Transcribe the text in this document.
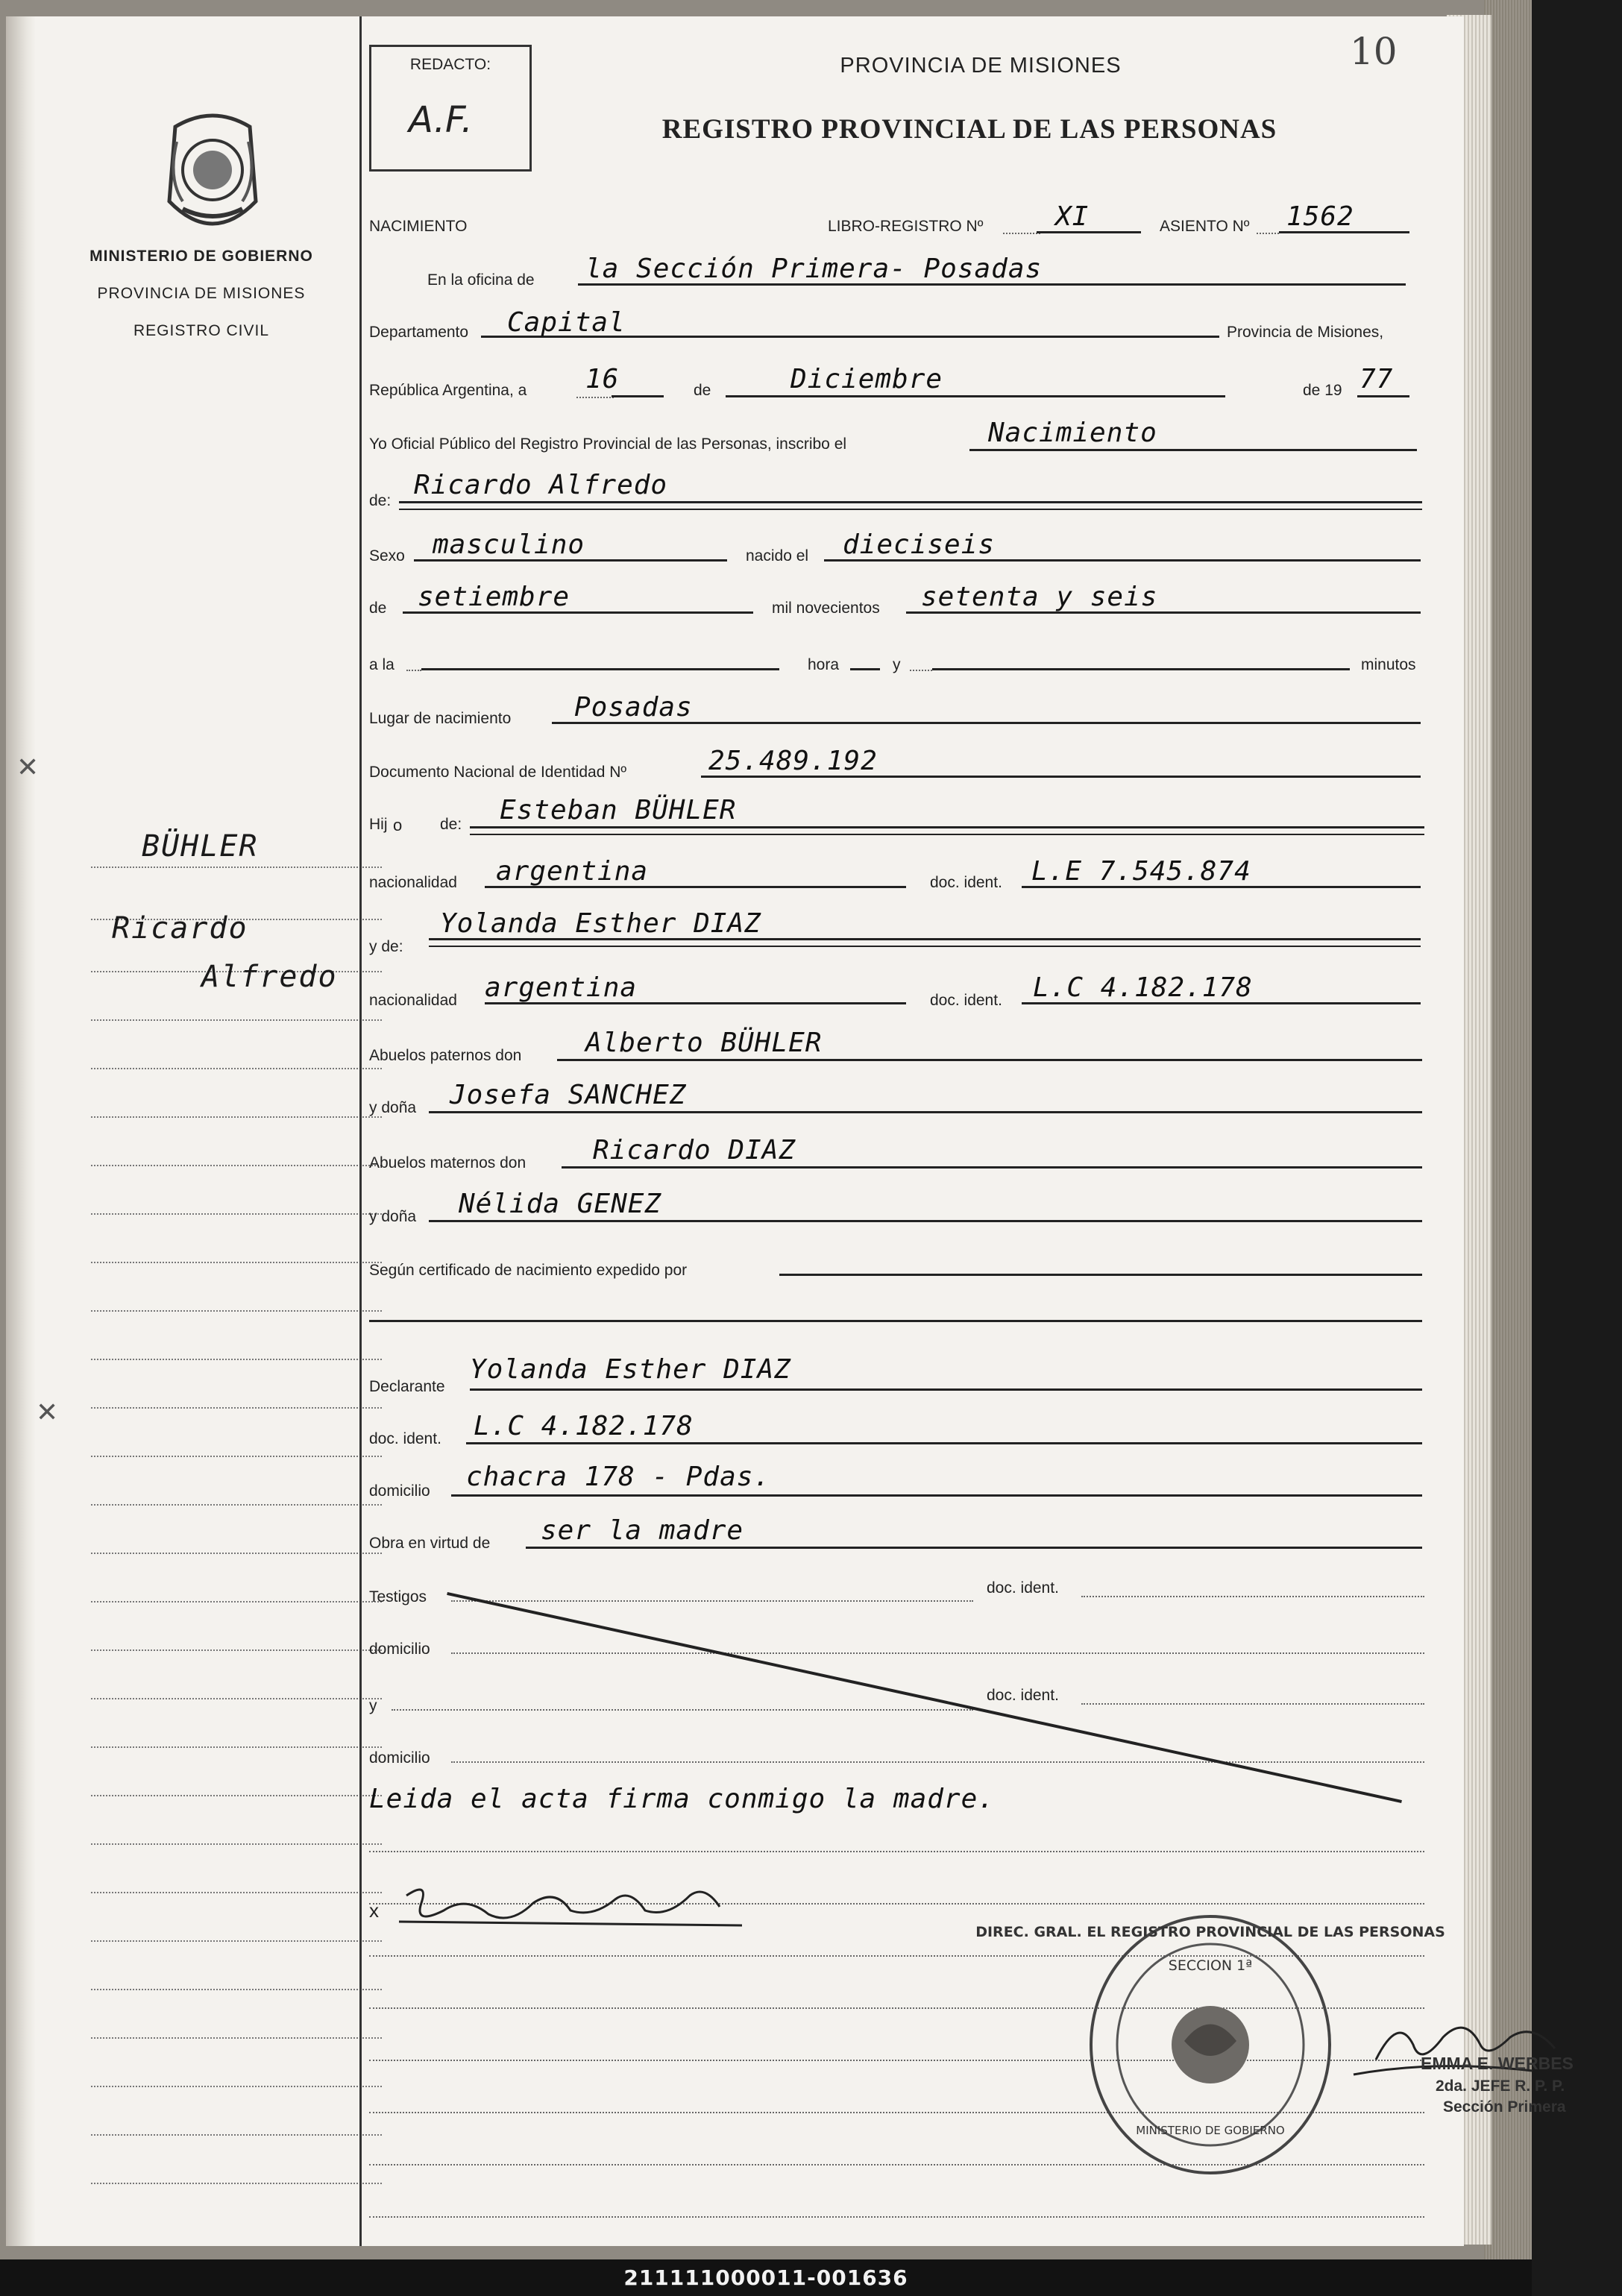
✕
✕
MINISTERIO DE GOBIERNO
PROVINCIA DE MISIONES
REGISTRO CIVIL
BÜHLER
Ricardo
Alfredo
REDACTO:
A.F.
PROVINCIA DE MISIONES
REGISTRO PROVINCIAL DE LAS PERSONAS
10
NACIMIENTO	LIBRO-REGISTRO Nº	XI	ASIENTO Nº 1562
En la oficina de la Sección Primera- Posadas
Departamento Capital	Provincia de Misiones,
República Argentina, a 16	de	Diciembre	de 19 77
Yo Oficial Público del Registro Provincial de las Personas, inscribo el	Nacimiento
de:
Ricardo Alfredo
Sexo masculino	nacido el dieciseis
de setiembre	mil novecientos setenta y seis
a la	hora	y	minutos
Lugar de nacimiento Posadas
Documento Nacional de Identidad Nº	25.489.192
Hij o de: Esteban BÜHLER
nacionalidad argentina	doc. ident. L.E 7.545.874
y de:
Yolanda Esther DIAZ
nacionalidad argentina	doc. ident. L.C 4.182.178
Abuelos paternos don Alberto BÜHLER
y doña Josefa SANCHEZ
Abuelos maternos don Ricardo DIAZ
y doña Nélida GENEZ
Según certificado de nacimiento expedido por
Declarante
Yolanda Esther DIAZ
doc. ident. L.C 4.182.178
domicilio chacra 178 - Pdas.
Obra en virtud de ser la madre
Testigos
doc. ident.
domicilio
y
doc. ident.
domicilio
Leida el acta firma conmigo la madre.
x
DIREC. GRAL. EL REGISTRO PROVINCIAL DE LAS PERSONAS
SECCION 1ª
MINISTERIO DE GOBIERNO
EMMA E. WERBES
2da. JEFE R. P. P.
Sección Primera
211111000011-001636
